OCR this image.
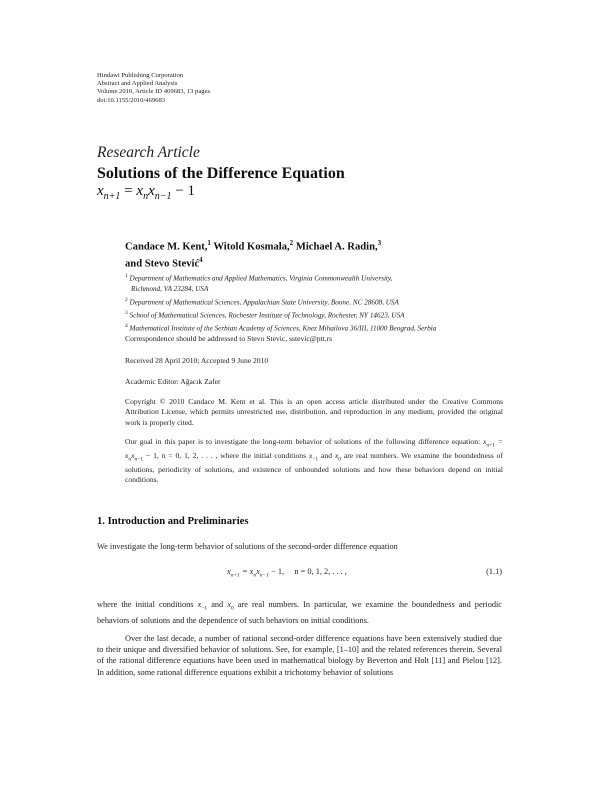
Hindawi Publishing Corporation
Abstract and Applied Analysis
Volume 2010, Article ID 469683, 13 pages
doi:10.1155/2010/469683
Research Article
Solutions of the Difference Equation
$x_{n+1} = x_nx_{n-1} - 1$
Candace M. Kent,$^1$ Witold Kosmala,$^2$ Michael A. Radin,$^3$
and Stevo Stević$^4$
$^1$ Department of Mathematics and Applied Mathematics, Virginia Commonwealth University,
Richmond, VA 23284, USA
$^2$ Department of Mathematical Sciences, Appalachian State University, Boone, NC 28608, USA
$^3$ School of Mathematical Sciences, Rochester Institute of Technology, Rochester, NY 14623, USA
$^4$ Mathematical Institute of the Serbian Academy of Sciences, Knez Mihailova 36/III, 11000 Beograd, Serbia
Correspondence should be addressed to Stevo Stevic, sstevic@ptt.rs
Received 28 April 2010; Accepted 9 June 2010
Academic Editor: Ağacık Zafer
Copyright © 2010 Candace M. Kent et al. This is an open access article distributed under the Creative Commons Attribution License, which permits unrestricted use, distribution, and reproduction in any medium, provided the original work is properly cited.
Our goal in this paper is to investigate the long-term behavior of solutions of the following difference equation: $x_{n+1} = x_nx_{n-1} - 1$, n = 0, 1, 2, . . . , where the initial conditions $x_{-1}$ and $x_0$ are real numbers. We examine the boundedness of solutions, periodicity of solutions, and existence of unbounded solutions and how these behaviors depend on initial conditions.
1. Introduction and Preliminaries
We investigate the long-term behavior of solutions of the second-order difference equation
$x_{n+1} = x_nx_{n-1} - 1$,     n = 0, 1, 2, . . . ,	(1.1)
where the initial conditions $x_{-1}$ and $x_0$ are real numbers. In particular, we examine the boundedness and periodic behaviors of solutions and the dependence of such behaviors on initial conditions.
Over the last decade, a number of rational second-order difference equations have been extensively studied due to their unique and diversified behavior of solutions. See, for example, [1–10] and the related references therein. Several of the rational difference equations have been used in mathematical biology by Beverton and Holt [11] and Pielou [12]. In addition, some rational difference equations exhibit a trichotomy behavior of solutions
